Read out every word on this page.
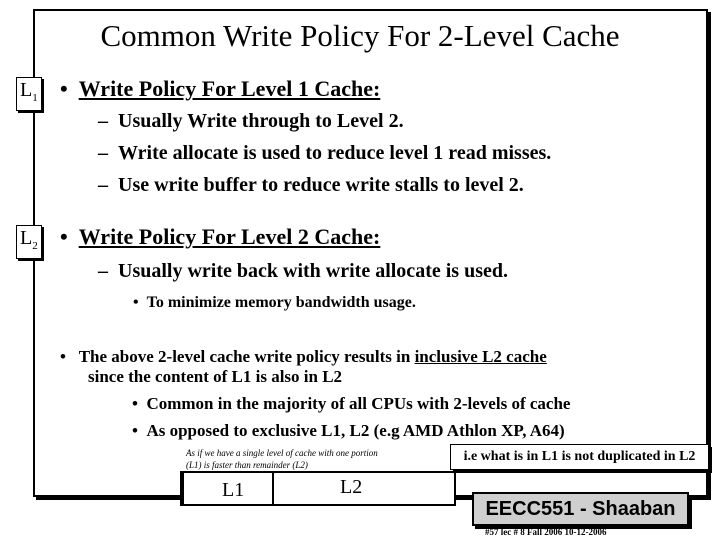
Common Write Policy For 2-Level Cache
$L_1$ • Write Policy For Level 1 Cache:
– Usually Write through to Level 2.
– Write allocate is used to reduce level 1 read misses.
– Use write buffer to reduce write stalls to level 2.
$L_2$ • Write Policy For Level 2 Cache:
– Usually write back with write allocate is used.
• To minimize memory bandwidth usage.
• The above 2-level cache write policy results in inclusive L2 cache
since the content of L1 is also in L2
• Common in the majority of all CPUs with 2-levels of cache
• As opposed to exclusive L1, L2 (e.g AMD Athlon XP, A64)
As if we have a single level of cache with one portion (L1) is faster than remainder (L2)
i.e what is in L1 is not duplicated in L2
L1	L2
EECC551 - Shaaban
#57 lec # 8 Fall 2006 10-12-2006
